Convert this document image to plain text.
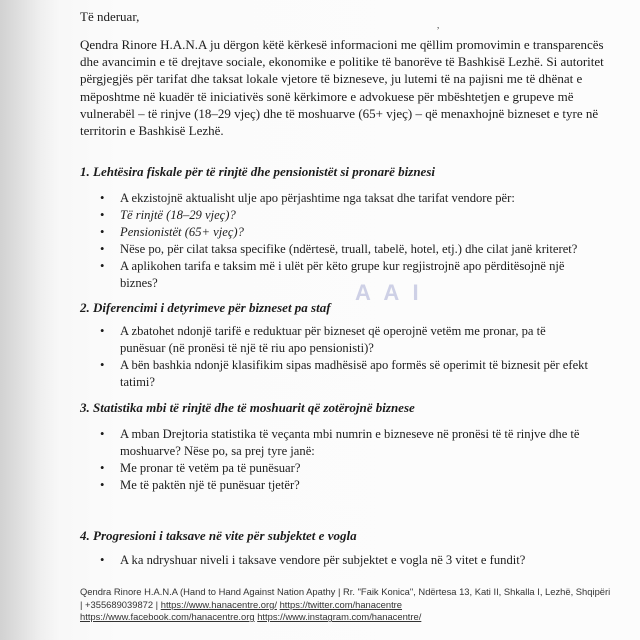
,
Të nderuar,
Qendra Rinore H.A.N.A ju dërgon këtë kërkesë informacioni me qëllim promovimin e transparencës
dhe avancimin e të drejtave sociale, ekonomike e politike të banorëve të Bashkisë Lezhë. Si autoritet
përgjegjës për tarifat dhe taksat lokale vjetore të bizneseve, ju lutemi të na pajisni me të dhënat e
mëposhtme në kuadër të iniciativës sonë kërkimore e advokuese për mbështetjen e grupeve më
vulnerabël – të rinjve (18–29 vjeç) dhe të moshuarve (65+ vjeç) – që menaxhojnë bizneset e tyre në
territorin e Bashkisë Lezhë.
1. Lehtësira fiskale për të rinjtë dhe pensionistët si pronarë biznesi
• A ekzistojnë aktualisht ulje apo përjashtime nga taksat dhe tarifat vendore për:
• Të rinjtë (18–29 vjeç)?
• Pensionistët (65+ vjeç)?
• Nëse po, për cilat taksa specifike (ndërtesë, truall, tabelë, hotel, etj.) dhe cilat janë kriteret?
• A aplikohen tarifa e taksim më i ulët për këto grupe kur regjistrojnë apo përditësojnë një
biznes?
2. Diferencimi i detyrimeve për bizneset pa staf
A A I
• A zbatohet ndonjë tarifë e reduktuar për bizneset që operojnë vetëm me pronar, pa të
punësuar (në pronësi të një të riu apo pensionisti)?
• A bën bashkia ndonjë klasifikim sipas madhësisë apo formës së operimit të biznesit për efekt
tatimi?
3. Statistika mbi të rinjtë dhe të moshuarit që zotërojnë biznese
• A mban Drejtoria statistika të veçanta mbi numrin e bizneseve në pronësi të të rinjve dhe të
moshuarve? Nëse po, sa prej tyre janë:
• Me pronar të vetëm pa të punësuar?
• Me të paktën një të punësuar tjetër?
4. Progresioni i taksave në vite për subjektet e vogla
• A ka ndryshuar niveli i taksave vendore për subjektet e vogla në 3 vitet e fundit?
Qendra Rinore H.A.N.A (Hand to Hand Against Nation Apathy | Rr. "Faik Konica", Ndërtesa 13, Kati II, Shkalla I, Lezhë, Shqipëri
| +355689039872 | https://www.hanacentre.org/ https://twitter.com/hanacentre
https://www.facebook.com/hanacentre.org https://www.instagram.com/hanacentre/
